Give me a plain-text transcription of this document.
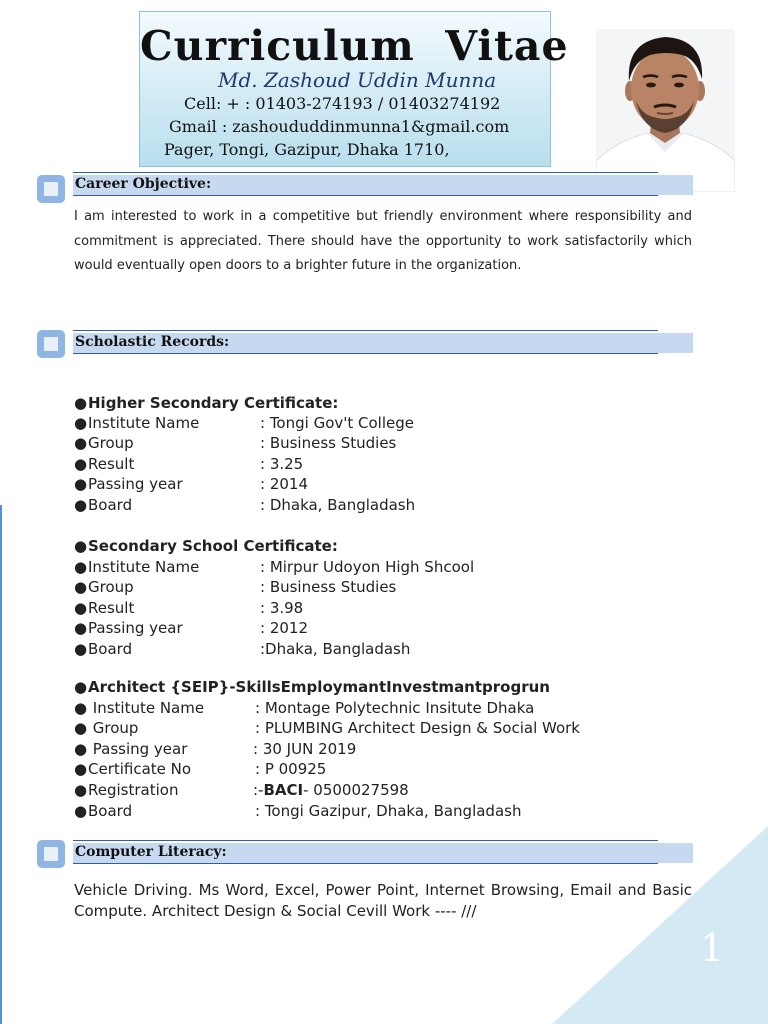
Curriculum  Vitae
Md. Zashoud Uddin Munna
Cell: + : 01403-274193 / 01403274192
Gmail : zashoududdinmunna1&gmail.com
Pager, Tongi, Gazipur, Dhaka 1710,
Career Objective:
I am interested to work in a competitive but friendly environment where responsibility and commitment is appreciated. There should have the opportunity to work satisfactorily which would eventually open doors to a brighter future in the organization.
Scholastic Records:
●Higher Secondary Certificate:
●Institute Name	: Tongi Gov't College
●Group	: Business Studies
●Result	: 3.25
●Passing year	: 2014
●Board	: Dhaka, Bangladash
●Secondary School Certificate:
●Institute Name	: Mirpur Udoyon High Shcool
●Group	: Business Studies
●Result	: 3.98
●Passing year	: 2012
●Board	:Dhaka, Bangladash
●Architect {SEIP}-SkillsEmploymantInvestmantprogrun
● Institute Name	: Montage Polytechnic Insitute Dhaka
● Group	: PLUMBING Architect Design & Social Work
● Passing year	: 30 JUN 2019
●Certificate No	: P 00925
●Registration	:-BACI- 0500027598
●Board	: Tongi Gazipur, Dhaka, Bangladash
Computer Literacy:
Vehicle Driving. Ms Word, Excel, Power Point, Internet Browsing, Email and Basic Compute. Architect Design & Social Cevill Work ---- ///
1
